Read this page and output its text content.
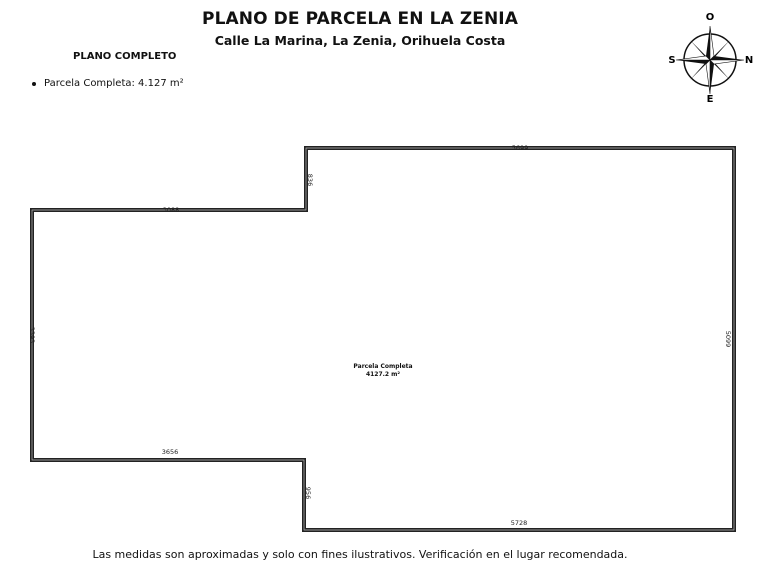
PLANO DE PARCELA EN LA ZENIA
Calle La Marina, La Zenia, Orihuela Costa
PLANO COMPLETO
Parcela Completa: 4.127 m²
O
E
S	N
5699
3088
836
3393	5099
3656
956
5728
Parcela Completa
4127.2 m²
Las medidas son aproximadas y solo con fines ilustrativos. Verificación en el lugar recomendada.
